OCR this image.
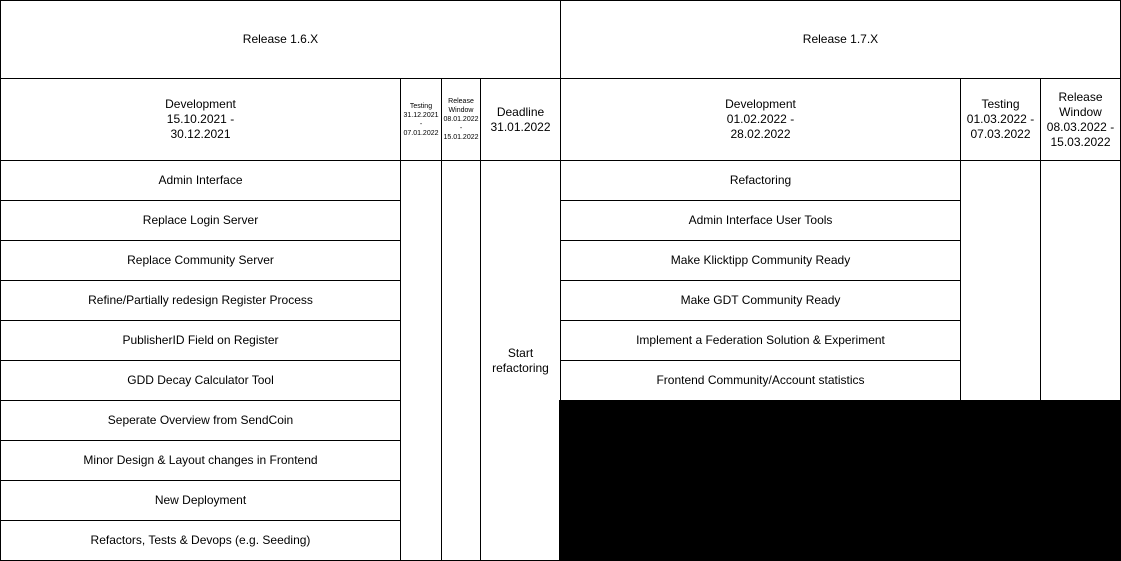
Release 1.6.X
Development
15.10.2021 -
30.12.2021
Testing
31.12.2021
-
07.01.2022
Release
Window
08.01.2022
-
15.01.2022
Deadline
31.01.2022
Admin Interface
Replace Login Server
Replace Community Server
Refine/Partially redesign Register Process
PublisherID Field on Register
GDD Decay Calculator Tool
Seperate Overview from SendCoin
Minor Design & Layout changes in Frontend
New Deployment
Refactors, Tests & Devops (e.g. Seeding)
Start
refactoring
Release 1.7.X
Development
01.02.2022 -
28.02.2022
Testing
01.03.2022 -
07.03.2022
Release
Window
08.03.2022 -
15.03.2022
Refactoring
Admin Interface User Tools
Make Klicktipp Community Ready
Make GDT Community Ready
Implement a Federation Solution & Experiment
Frontend Community/Account statistics
